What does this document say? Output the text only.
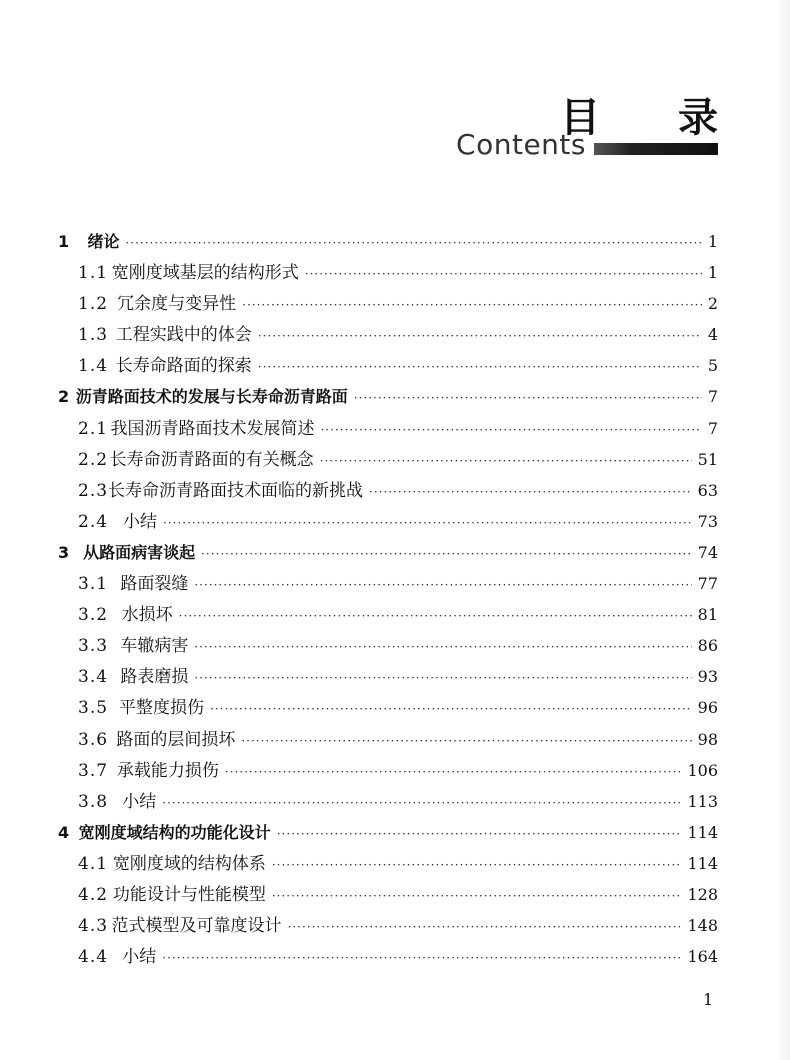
目 录
Contents
1	绪论 ·····	1
1.1 宽刚度域基层的结构形式 ·····	1
1.2 冗余度与变异性 ·····	2
1.3 工程实践中的体会 ·····	4
1.4 长寿命路面的探索 ·····	5
2 沥青路面技术的发展与长寿命沥青路面 ·····	7
2.1 我国沥青路面技术发展简述 ·····	7
2.2 长寿命沥青路面的有关概念 ·····	51
2.3 长寿命沥青路面技术面临的新挑战 ·····	63
2.4 小结 ·····	73
3 从路面病害谈起 ·····	74
3.1 路面裂缝 ·····	77
3.2 水损坏 ·····	81
3.3 车辙病害 ·····	86
3.4 路表磨损 ·····	93
3.5 平整度损伤 ·····	96
3.6 路面的层间损坏 ·····	98
3.7 承载能力损伤 ·····	106
3.8 小结 ·····	113
4 宽刚度域结构的功能化设计 ·····	114
4.1 宽刚度域的结构体系 ·····	114
4.2 功能设计与性能模型 ·····	128
4.3 范式模型及可靠度设计 ·····	148
4.4 小结 ·····	164
1
